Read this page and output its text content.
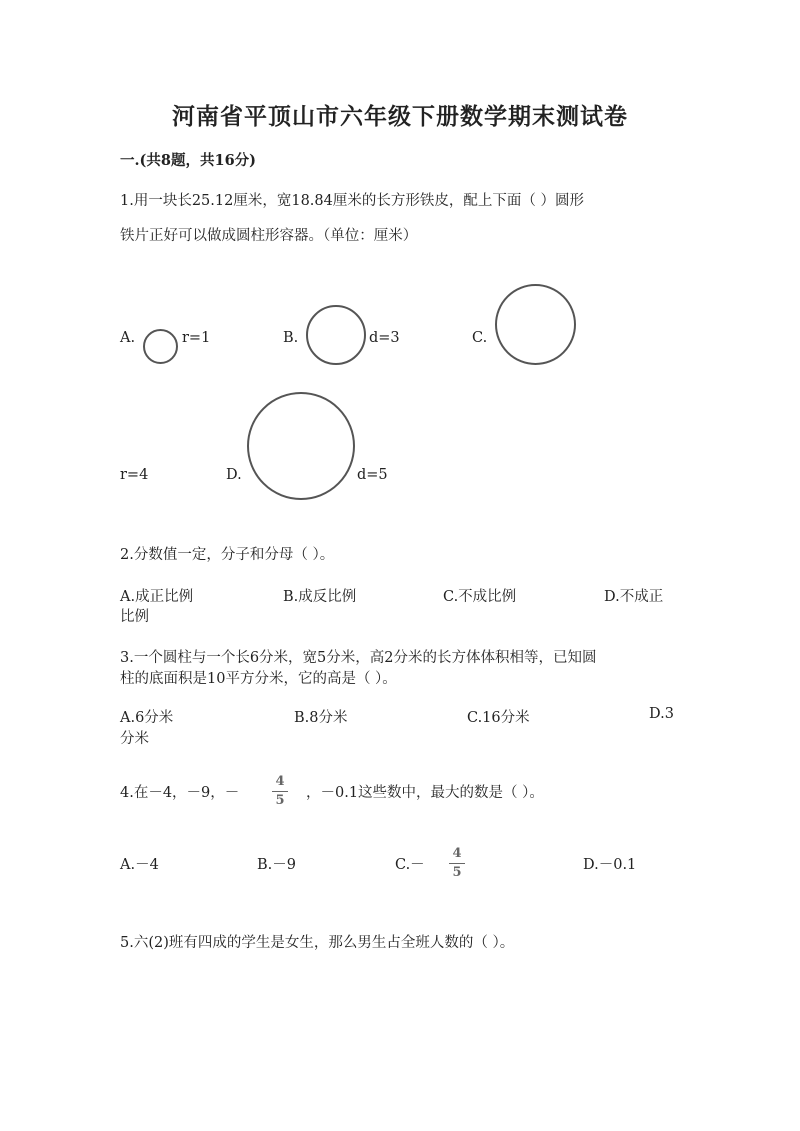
河南省平顶山市六年级下册数学期末测试卷
一.(共8题，共16分)
1.用一块长25.12厘米，宽18.84厘米的长方形铁皮，配上下面（ ）圆形
铁片正好可以做成圆柱形容器。（单位：厘米）
A.	r=1	B.	d=3	C.
r=4	D.	d=5
2.分数值一定，分子和分母（ ）。
A.成正比例	B.成反比例	C.不成比例	D.不成正
比例
3.一个圆柱与一个长6分米，宽5分米，高2分米的长方体体积相等，已知圆
柱的底面积是10平方分米，它的高是（ ）。
A.6分米	B.8分米	C.16分米	D.3
分米
4.在－4，－9，－
4
5 ，－0.1这些数中，最大的数是（ ）。
A.－4	B.－9	C.－
4
5	D.－0.1
5.六(2)班有四成的学生是女生，那么男生占全班人数的（ ）。
